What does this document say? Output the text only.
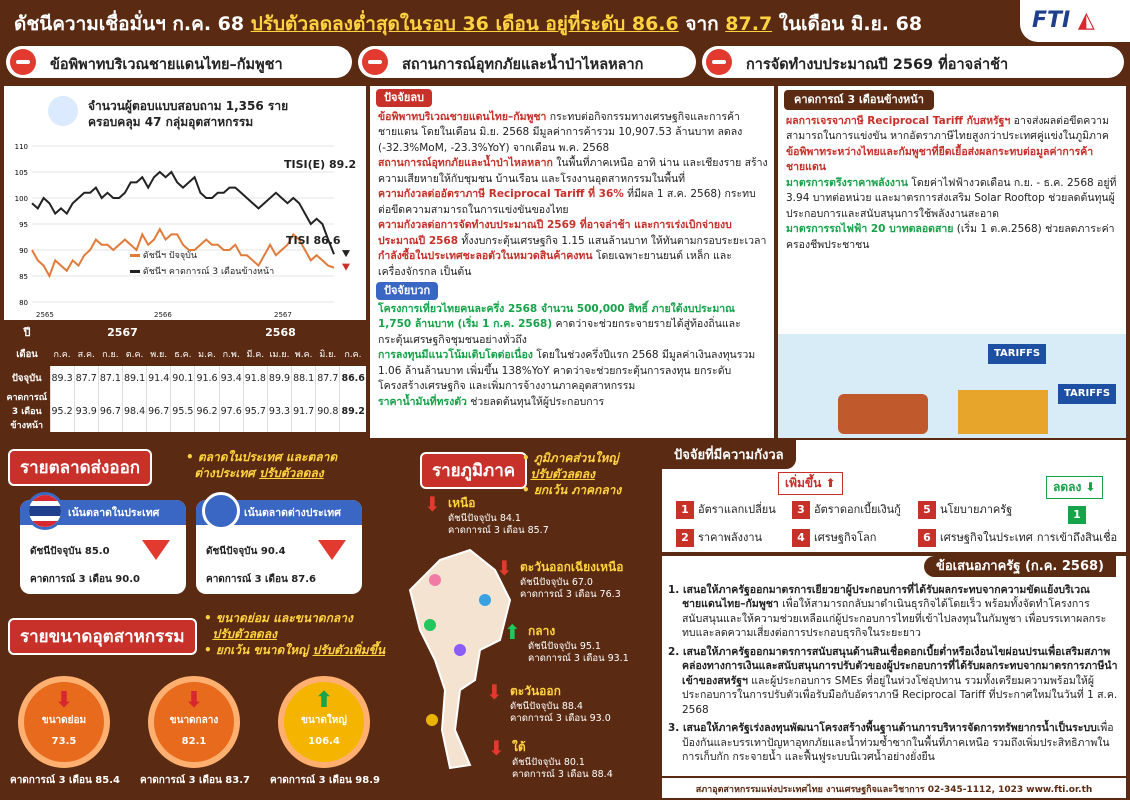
ดัชนีความเชื่อมั่นฯ ก.ค. 68 ปรับตัวลดลงต่ำสุดในรอบ 36 เดือน อยู่ที่ระดับ 86.6 จาก 87.7 ในเดือน มิ.ย. 68	FTI ◭
ข้อพิพาทบริเวณชายแดนไทย–กัมพูชา	สถานการณ์อุทกภัยและน้ำป่าไหลหลาก	การจัดทำงบประมาณปี 2569 ที่อาจล่าช้า
จำนวนผู้ตอบแบบสอบถาม 1,356 ราย
ครอบคลุม 47 กลุ่มอุตสาหกรรม
80
85
90
95
100
105
110
TISI(E) 89.2
TISI 86.6
ดัชนีฯ ปัจจุบัน
ดัชนีฯ คาดการณ์ 3 เดือนข้างหน้า
2565	2566	2567
ปี	2567						2568						
เดือน	ก.ค.	ส.ค.	ก.ย.	ต.ค.	พ.ย.	ธ.ค.	ม.ค.	ก.พ.	มี.ค.	เม.ย.	พ.ค.	มิ.ย.	ก.ค.
ปัจจุบัน	89.3	87.7	87.1	89.1	91.4	90.1	91.6	93.4	91.8	89.9	88.1	87.7	86.6
คาดการณ์ 3 เดือน ข้างหน้า	95.2	93.9	96.7	98.4	96.7	95.5	96.2	97.6	95.7	93.3	91.7	90.8	89.2
ปัจจัยลบ
ข้อพิพาทบริเวณชายแดนไทย–กัมพูชา กระทบต่อกิจกรรมทางเศรษฐกิจและการค้าชายแดน โดยในเดือน มิ.ย. 2568 มีมูลค่าการค้ารวม 10,907.53 ล้านบาท ลดลง (-32.3%MoM, -23.3%YoY) จากเดือน พ.ค. 2568
สถานการณ์อุทกภัยและน้ำป่าไหลหลาก ในพื้นที่ภาคเหนือ อาทิ น่าน และเชียงราย สร้างความเสียหายให้กับชุมชน บ้านเรือน และโรงงานอุตสาหกรรมในพื้นที่
ความกังวลต่ออัตราภาษี Reciprocal Tariff ที่ 36% ที่มีผล 1 ส.ค. 2568) กระทบต่อขีดความสามารถในการแข่งขันของไทย
ความกังวลต่อการจัดทำงบประมาณปี 2569 ที่อาจล่าช้า และการเร่งเบิกจ่ายงบประมาณปี 2568 ทั้งงบกระตุ้นเศรษฐกิจ 1.15 แสนล้านบาท ให้ทันตามกรอบระยะเวลา
กำลังซื้อในประเทศชะลอตัวในหมวดสินค้าคงทน โดยเฉพาะยานยนต์ เหล็ก และเครื่องจักรกล เป็นต้น
ปัจจัยบวก
โครงการเที่ยวไทยคนละครึ่ง 2568 จำนวน 500,000 สิทธิ์ ภายใต้งบประมาณ 1,750 ล้านบาท (เริ่ม 1 ก.ค. 2568) คาดว่าจะช่วยกระจายรายได้สู่ท้องถิ่นและกระตุ้นเศรษฐกิจชุมชนอย่างทั่วถึง
การลงทุนมีแนวโน้มเติบโตต่อเนื่อง โดยในช่วงครึ่งปีแรก 2568 มีมูลค่าเงินลงทุนรวม 1.06 ล้านล้านบาท เพิ่มขึ้น 138%YoY คาดว่าจะช่วยกระตุ้นการลงทุน ยกระดับโครงสร้างเศรษฐกิจ และเพิ่มการจ้างงานภาคอุตสาหกรรม
ราคาน้ำมันที่ทรงตัว ช่วยลดต้นทุนให้ผู้ประกอบการ
คาดการณ์ 3 เดือนข้างหน้า
ผลการเจรจาภาษี Reciprocal Tariff กับสหรัฐฯ อาจส่งผลต่อขีดความสามารถในการแข่งขัน หากอัตราภาษีไทยสูงกว่าประเทศคู่แข่งในภูมิภาค
ข้อพิพาทระหว่างไทยและกัมพูชาที่ยืดเยื้อส่งผลกระทบต่อมูลค่าการค้าชายแดน
มาตรการตรึงราคาพลังงาน โดยค่าไฟฟ้างวดเดือน ก.ย. - ธ.ค. 2568 อยู่ที่ 3.94 บาทต่อหน่วย และมาตรการส่งเสริม Solar Rooftop ช่วยลดต้นทุนผู้ประกอบการและสนับสนุนการใช้พลังงานสะอาด
มาตรการรถไฟฟ้า 20 บาทตลอดสาย (เริ่ม 1 ต.ค.2568) ช่วยลดภาระค่าครองชีพประชาชน
TARIFFS
TARIFFS
รายตลาดส่งออก
• ตลาดในประเทศ และตลาด
ต่างประเทศ ปรับตัวลดลง
เน้นตลาดในประเทศ
ดัชนีปัจจุบัน 85.0
คาดการณ์ 3 เดือน 90.0
เน้นตลาดต่างประเทศ
ดัชนีปัจจุบัน 90.4
คาดการณ์ 3 เดือน 87.6
รายขนาดอุตสาหกรรม
• ขนาดย่อม และขนาดกลาง
ปรับตัวลดลง
• ยกเว้น ขนาดใหญ่ ปรับตัวเพิ่มขึ้น
⬇
ขนาดย่อม
73.5
คาดการณ์ 3 เดือน 85.4
⬇
ขนาดกลาง
82.1
คาดการณ์ 3 เดือน 83.7
⬆
ขนาดใหญ่
106.4
คาดการณ์ 3 เดือน 98.9
รายภูมิภาค
• ภูมิภาคส่วนใหญ่
ปรับตัวลดลง
• ยกเว้น ภาคกลาง
⬇ เหนือ
ดัชนีปัจจุบัน 84.1
คาดการณ์ 3 เดือน 85.7
⬇ ตะวันออกเฉียงเหนือ
ดัชนีปัจจุบัน 67.0
คาดการณ์ 3 เดือน 76.3
⬆ กลาง
ดัชนีปัจจุบัน 95.1
คาดการณ์ 3 เดือน 93.1
⬇ ตะวันออก
ดัชนีปัจจุบัน 88.4
คาดการณ์ 3 เดือน 93.0
⬇ ใต้
ดัชนีปัจจุบัน 80.1
คาดการณ์ 3 เดือน 88.4
ปัจจัยที่มีความกังวล
เพิ่มขึ้น ⬆	ลดลง ⬇
1 อัตราแลกเปลี่ยน
2 ราคาพลังงาน
3 อัตราดอกเบี้ยเงินกู้
4 เศรษฐกิจโลก
5 นโยบายภาครัฐ
6 เศรษฐกิจในประเทศ
1
การเข้าถึงสินเชื่อ
ข้อเสนอภาครัฐ (ก.ค. 2568)
1. เสนอให้ภาครัฐออกมาตรการเยียวยาผู้ประกอบการที่ได้รับผลกระทบจากความขัดแย้งบริเวณชายแดนไทย–กัมพูชา เพื่อให้สามารถกลับมาดำเนินธุรกิจได้โดยเร็ว พร้อมทั้งจัดทำโครงการสนับสนุนและให้ความช่วยเหลือแก่ผู้ประกอบการไทยที่เข้าไปลงทุนในกัมพูชา เพื่อบรรเทาผลกระทบและลดความเสี่ยงต่อการประกอบธุรกิจในระยะยาว
2. เสนอให้ภาครัฐออกมาตรการสนับสนุนด้านสินเชื่อดอกเบี้ยต่ำหรือเงื่อนไขผ่อนปรนเพื่อเสริมสภาพคล่องทางการเงินและสนับสนุนการปรับตัวของผู้ประกอบการที่ได้รับผลกระทบจากมาตรการภาษีนำเข้าของสหรัฐฯ และผู้ประกอบการ SMEs ที่อยู่ในห่วงโซ่อุปทาน รวมทั้งเตรียมความพร้อมให้ผู้ประกอบการในการปรับตัวเพื่อรับมือกับอัตราภาษี Reciprocal Tariff ที่ประกาศใหม่ในวันที่ 1 ส.ค. 2568
3. เสนอให้ภาครัฐเร่งลงทุนพัฒนาโครงสร้างพื้นฐานด้านการบริหารจัดการทรัพยากรน้ำเป็นระบบเพื่อป้องกันและบรรเทาปัญหาอุทกภัยและน้ำท่วมซ้ำซากในพื้นที่ภาคเหนือ รวมถึงเพิ่มประสิทธิภาพในการเก็บกัก กระจายน้ำ และฟื้นฟูระบบนิเวศน้ำอย่างยั่งยืน
สภาอุตสาหกรรมแห่งประเทศไทย งานเศรษฐกิจและวิชาการ 02-345-1112, 1023 www.fti.or.th
